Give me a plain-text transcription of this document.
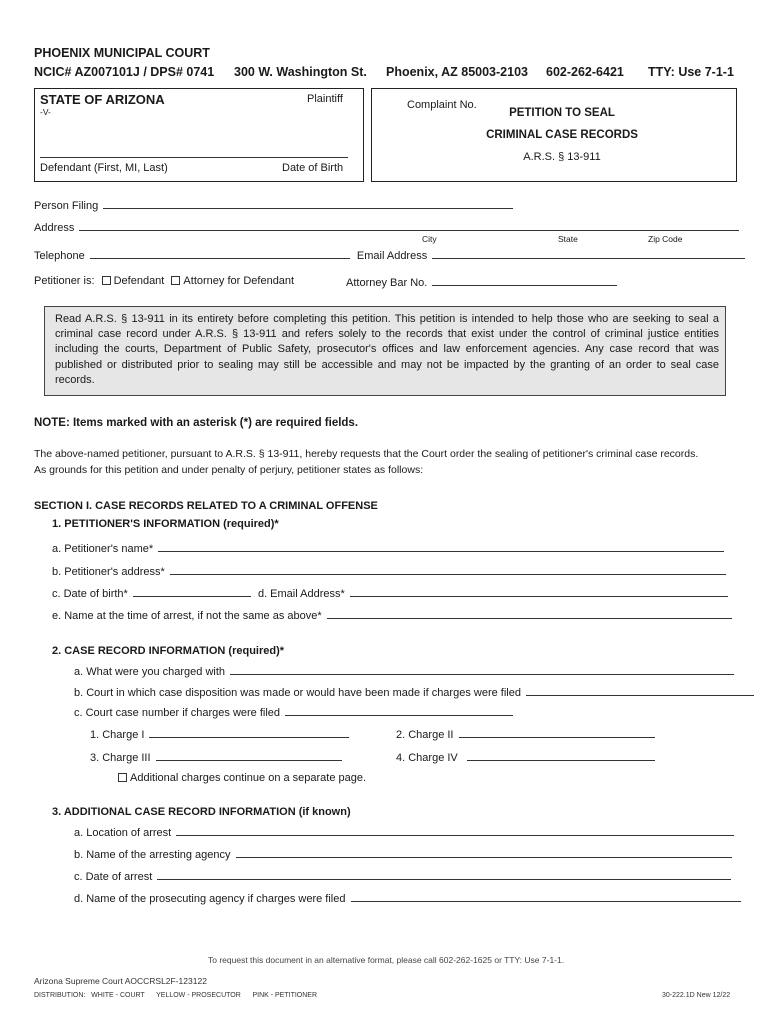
PHOENIX MUNICIPAL COURT
NCIC# AZ007101J / DPS# 0741 300 W. Washington St. Phoenix, AZ 85003-2103 602-262-6421 TTY: Use 7-1-1
STATE OF ARIZONA	Plaintiff
-V-
Defendant (First, MI, Last)	Date of Birth
Complaint No.
PETITION TO SEAL
CRIMINAL CASE RECORDS
A.R.S. § 13-911
Person Filing
Address
City	State	Zip Code
Telephone	Email Address
Petitioner is: Defendant Attorney for Defendant	Attorney Bar No.
Read A.R.S. § 13-911 in its entirety before completing this petition. This petition is intended to help those who are seeking to seal a criminal case record under A.R.S. § 13-911 and refers solely to the records that exist under the control of criminal justice entities including the courts, Department of Public Safety, prosecutor's offices and law enforcement agencies. Any case record that was published or distributed prior to sealing may still be accessible and may not be impacted by the granting of an order to seal case records.
NOTE: Items marked with an asterisk (*) are required fields.
The above-named petitioner, pursuant to A.R.S. § 13-911, hereby requests that the Court order the sealing of petitioner's criminal case records.
As grounds for this petition and under penalty of perjury, petitioner states as follows:
SECTION I. CASE RECORDS RELATED TO A CRIMINAL OFFENSE
1. PETITIONER'S INFORMATION (required)*
a. Petitioner's name*
b. Petitioner's address*
c. Date of birth*	d. Email Address*
e. Name at the time of arrest, if not the same as above*
2. CASE RECORD INFORMATION (required)*
a. What were you charged with
b. Court in which case disposition was made or would have been made if charges were filed
c. Court case number if charges were filed
1. Charge I	2. Charge II
3. Charge III	4. Charge IV
Additional charges continue on a separate page.
3. ADDITIONAL CASE RECORD INFORMATION (if known)
a. Location of arrest
b. Name of the arresting agency
c. Date of arrest
d. Name of the prosecuting agency if charges were filed
To request this document in an alternative format, please call 602-262-1625 or TTY: Use 7-1-1.
Arizona Supreme Court AOCCRSL2F-123122
DISTRIBUTION:   WHITE - COURT      YELLOW - PROSECUTOR      PINK - PETITIONER	30-222.1D New 12/22
